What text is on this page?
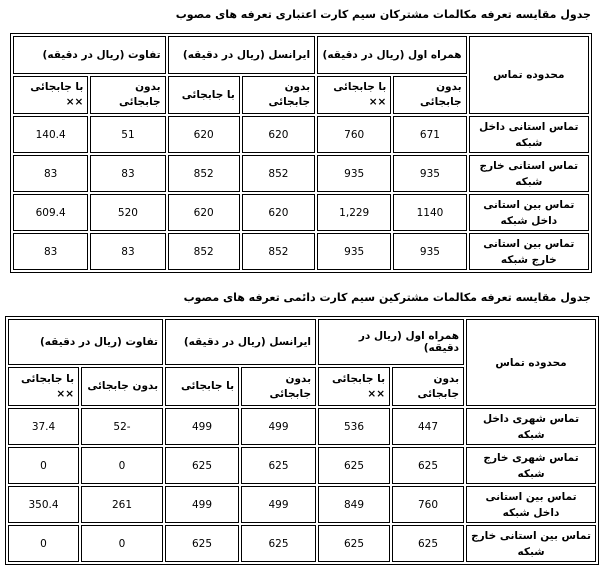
جدول مقایسه تعرفه مکالمات مشترکان سیم کارت اعتباری تعرفه های مصوب
محدوده تماس	همراه اول (ریال در دقیقه)		ایرانسل (ریال در دقیقه)		تفاوت (ریال در دقیقه)	
	بدون جابجائی	با جابجائی ××	بدون جابجائی	با جابجائی	بدون جابجائی	با جابجائی ××
تماس استانی داخل شبکه	671	760	620	620	51	140.4
تماس استانی خارج شبکه	935	935	852	852	83	83
تماس بین استانی داخل شبکه	1140	1,229	620	620	520	609.4
تماس بین استانی خارج شبکه	935	935	852	852	83	83
جدول مقایسه تعرفه مکالمات مشترکین سیم کارت دائمی تعرفه های مصوب
محدوده تماس	همراه اول (ریال در دقیقه)		ایرانسل (ریال در دقیقه)		تفاوت (ریال در دقیقه)	
	بدون جابجائی	با جابجائی ××	بدون جابجائی	با جابجائی	بدون جابجائی	با جابجائی ××
تماس شهری داخل شبکه	447	536	499	499	-52	37.4
تماس شهری خارج شبکه	625	625	625	625	0	0
تماس بین استانی داخل شبکه	760	849	499	499	261	350.4
تماس بین استانی خارج شبکه	625	625	625	625	0	0
